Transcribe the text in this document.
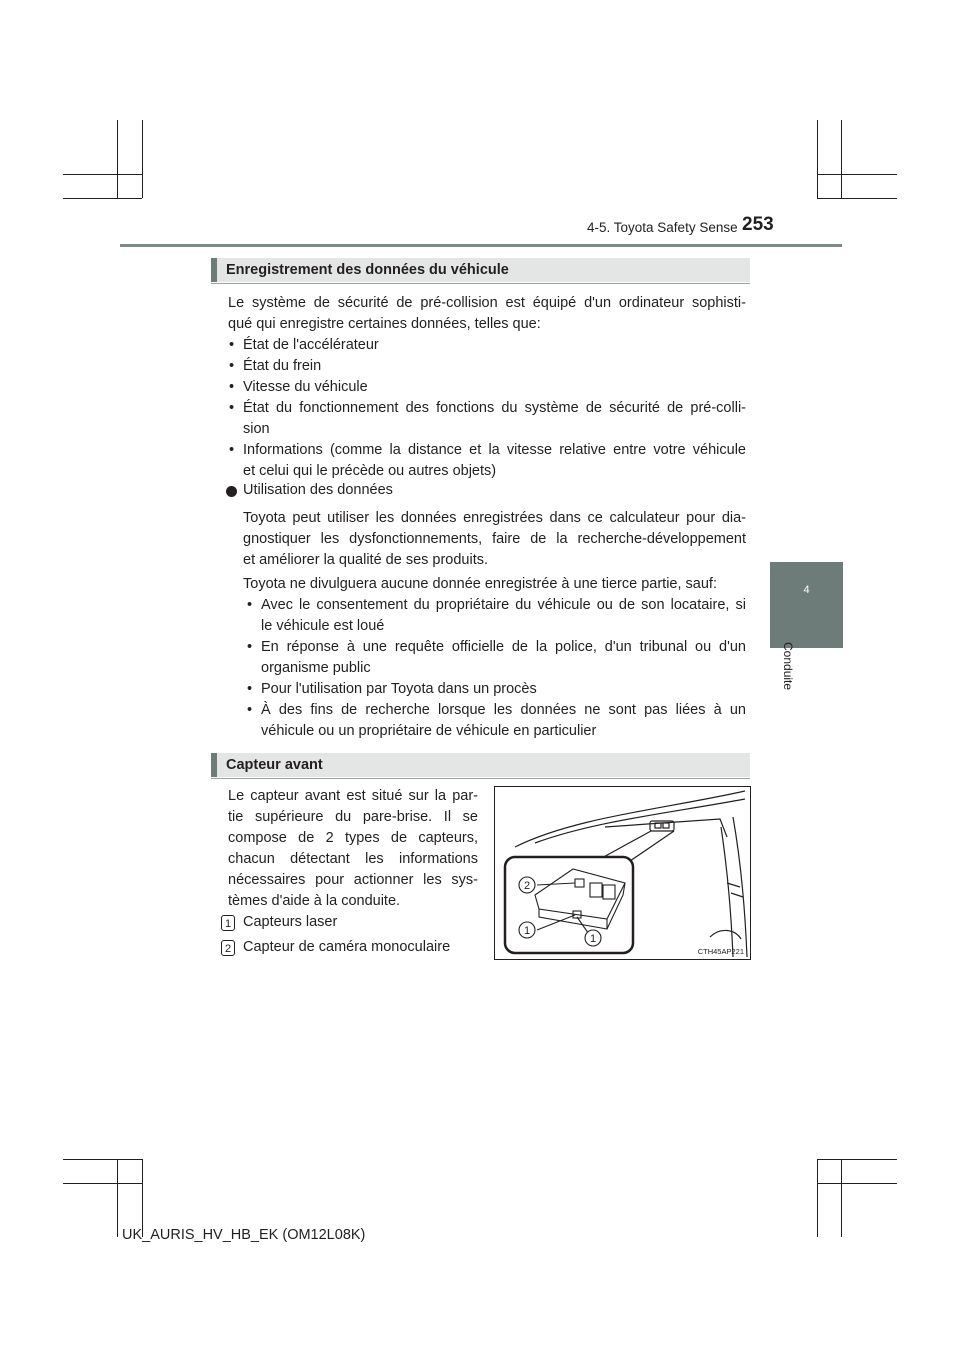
4-5. Toyota Safety Sense 253
4
Conduite
Enregistrement des données du véhicule
Le système de sécurité de pré-collision est équipé d'un ordinateur sophisti-
qué qui enregistre certaines données, telles que:
• État de l'accélérateur
• État du frein
• Vitesse du véhicule
• État du fonctionnement des fonctions du système de sécurité de pré-colli-
sion
• Informations (comme la distance et la vitesse relative entre votre véhicule
et celui qui le précède ou autres objets)
Utilisation des données
Toyota peut utiliser les données enregistrées dans ce calculateur pour dia-
gnostiquer les dysfonctionnements, faire de la recherche-développement
et améliorer la qualité de ses produits.
Toyota ne divulguera aucune donnée enregistrée à une tierce partie, sauf:
• Avec le consentement du propriétaire du véhicule ou de son locataire, si
le véhicule est loué
• En réponse à une requête officielle de la police, d'un tribunal ou d'un
organisme public
• Pour l'utilisation par Toyota dans un procès
• À des fins de recherche lorsque les données ne sont pas liées à un
véhicule ou un propriétaire de véhicule en particulier
Capteur avant
Le capteur avant est situé sur la par-
tie supérieure du pare-brise. Il se
compose de 2 types de capteurs,
chacun détectant les informations
nécessaires pour actionner les sys-
tèmes d'aide à la conduite.
1 Capteurs laser
2 Capteur de caméra monoculaire
2
1
1
CTH45AP221
UK_AURIS_HV_HB_EK (OM12L08K)
